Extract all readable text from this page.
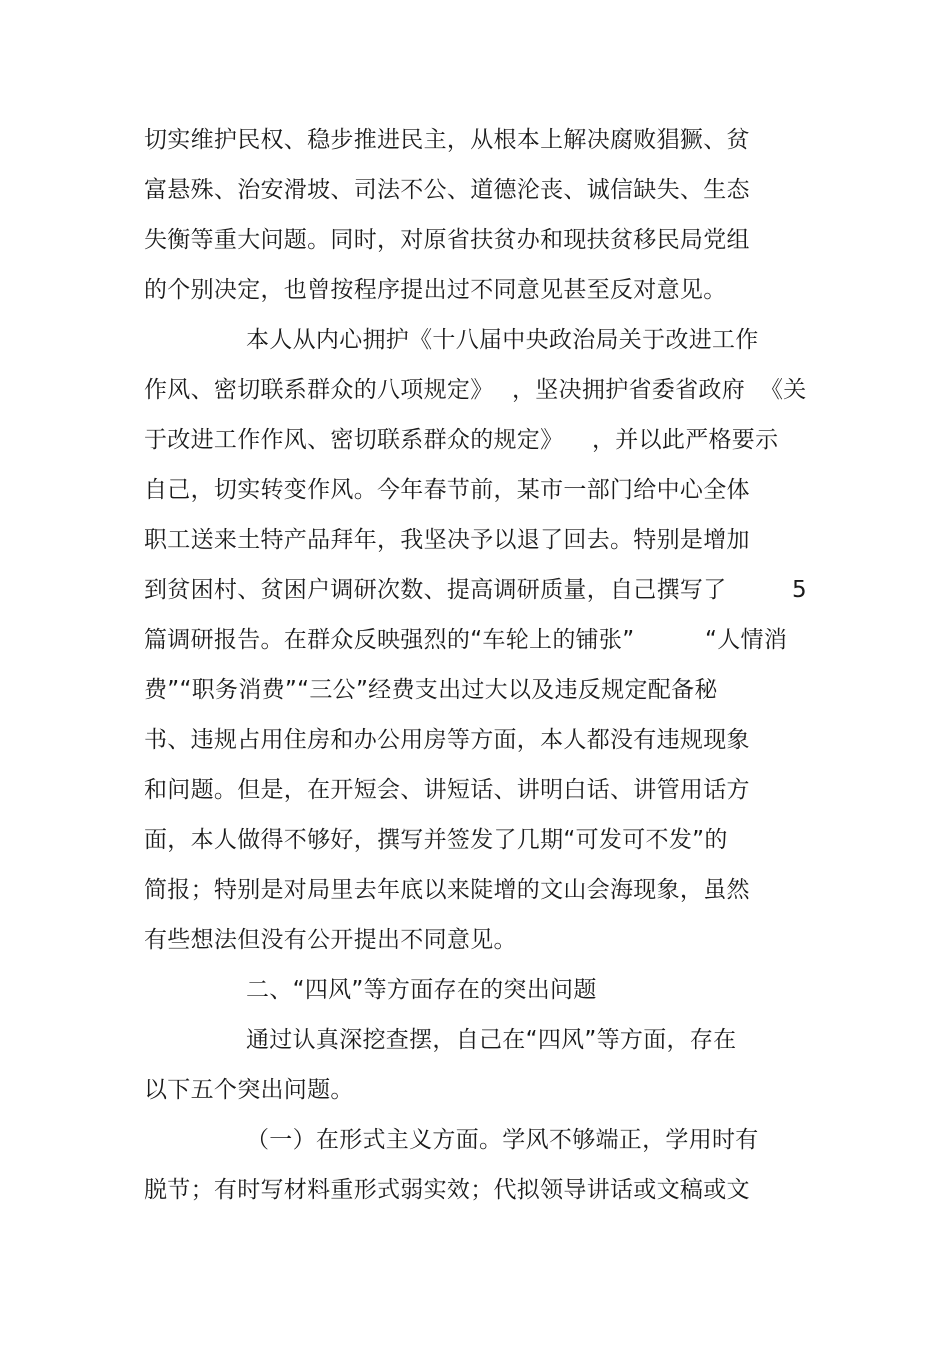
切实维护民权、稳步推进民主，从根本上解决腐败猖獗、贫
富悬殊、治安滑坡、司法不公、道德沦丧、诚信缺失、生态
失衡等重大问题。同时，对原省扶贫办和现扶贫移民局党组
的个别决定，也曾按程序提出过不同意见甚至反对意见。
本人从内心拥护《十八届中央政治局关于改进工作
作风、密切联系群众的八项规定》 ，坚决拥护省委省政府 《关
于改进工作作风、密切联系群众的规定》 ，并以此严格要示
自己，切实转变作风。今年春节前，某市一部门给中心全体
职工送来土特产品拜年，我坚决予以退了回去。特别是增加
到贫困村、贫困户调研次数、提高调研质量，自己撰写了	5
篇调研报告。在群众反映强烈的“车轮上的铺张”	“人情消
费”“职务消费”“三公”经费支出过大以及违反规定配备秘
书、违规占用住房和办公用房等方面，本人都没有违规现象
和问题。但是，在开短会、讲短话、讲明白话、讲管用话方
面，本人做得不够好，撰写并签发了几期“可发可不发”的
简报；特别是对局里去年底以来陡增的文山会海现象，虽然
有些想法但没有公开提出不同意见。
二、“四风”等方面存在的突出问题
通过认真深挖查摆，自己在“四风”等方面，存在
以下五个突出问题。
（一）在形式主义方面。学风不够端正，学用时有
脱节；有时写材料重形式弱实效；代拟领导讲话或文稿或文
